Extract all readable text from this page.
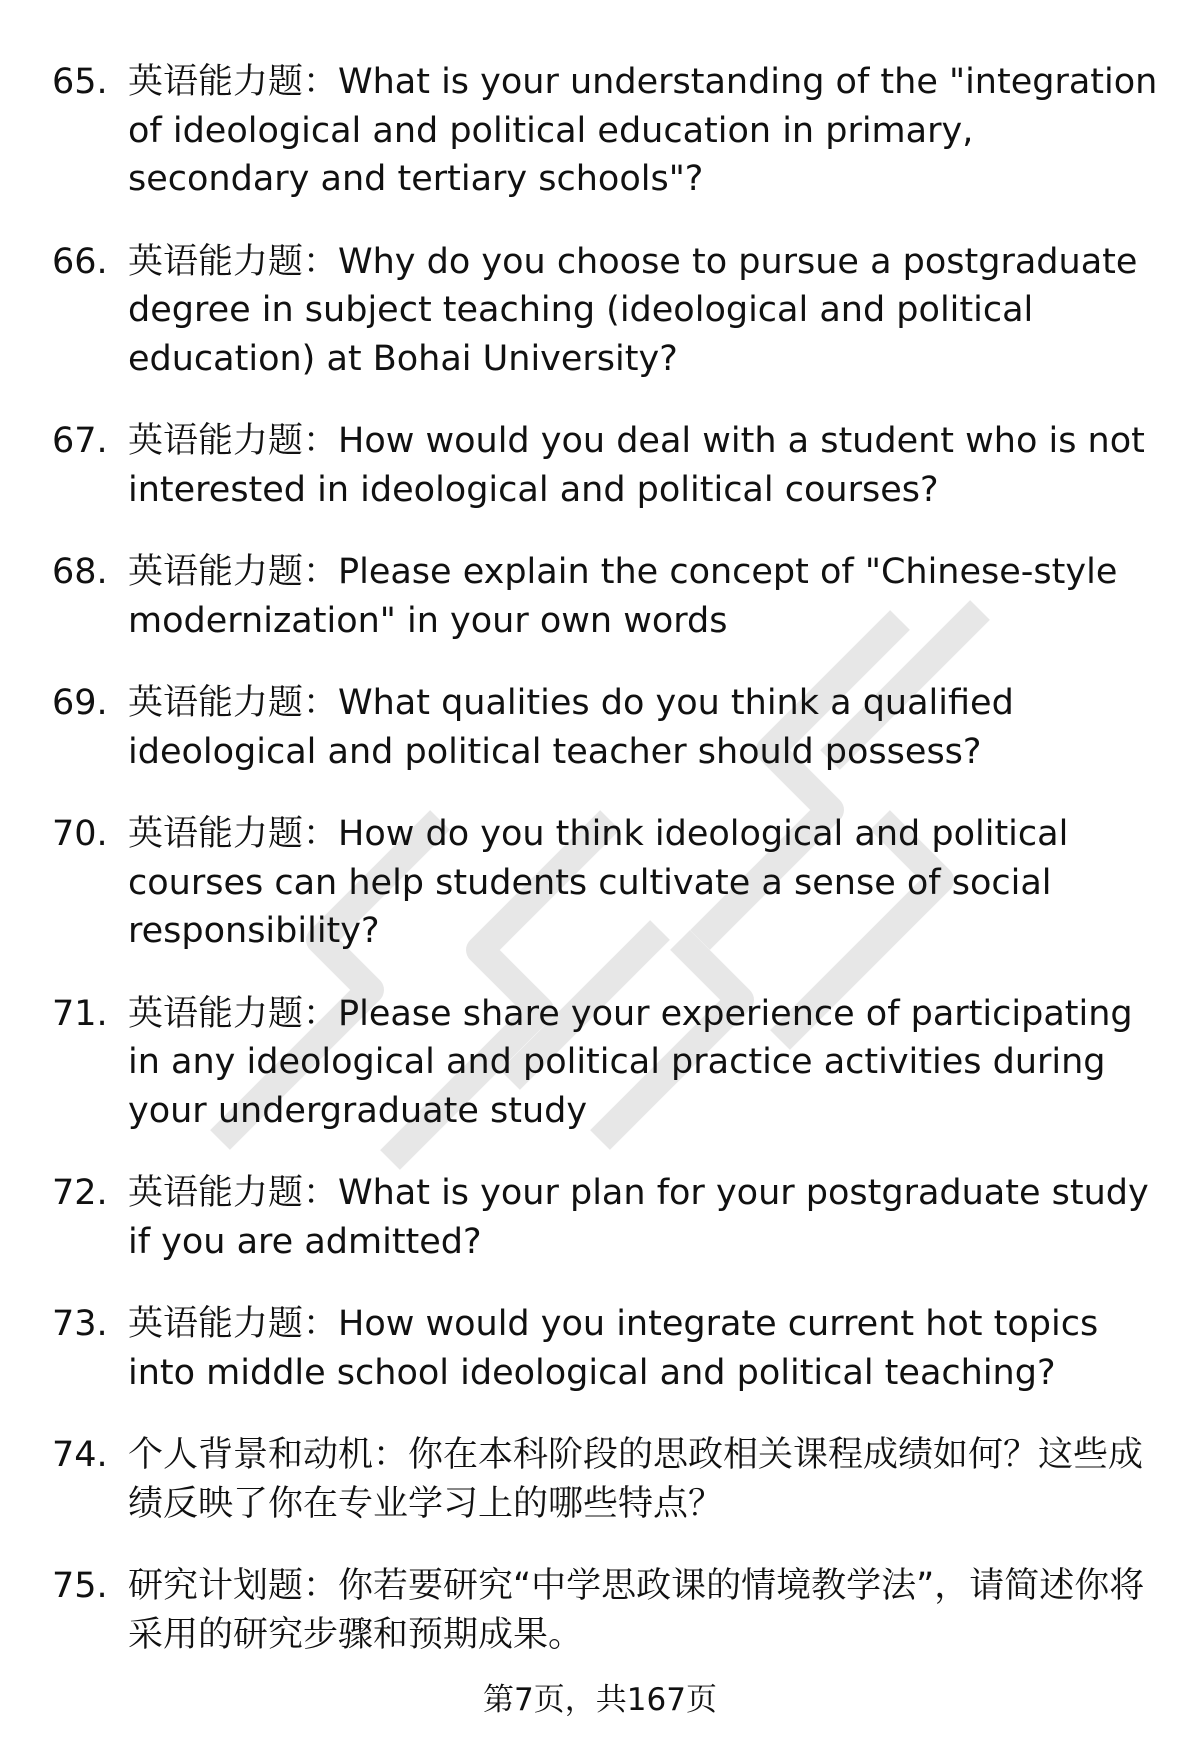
65. 英语能力题：What is your understanding of the "integration of ideological and political education in primary, secondary and tertiary schools"?
66. 英语能力题：Why do you choose to pursue a postgraduate degree in subject teaching (ideological and political education) at Bohai University?
67. 英语能力题：How would you deal with a student who is not interested in ideological and political courses?
68. 英语能力题：Please explain the concept of "Chinese-style modernization" in your own words
69. 英语能力题：What qualities do you think a qualified ideological and political teacher should possess?
70. 英语能力题：How do you think ideological and political courses can help students cultivate a sense of social responsibility?
71. 英语能力题：Please share your experience of participating in any ideological and political practice activities during your undergraduate study
72. 英语能力题：What is your plan for your postgraduate study if you are admitted?
73. 英语能力题：How would you integrate current hot topics into middle school ideological and political teaching?
74. 个人背景和动机：你在本科阶段的思政相关课程成绩如何？这些成绩反映了你在专业学习上的哪些特点？
75. 研究计划题：你若要研究“中学思政课的情境教学法”，请简述你将采用的研究步骤和预期成果。
第7页，共167页
